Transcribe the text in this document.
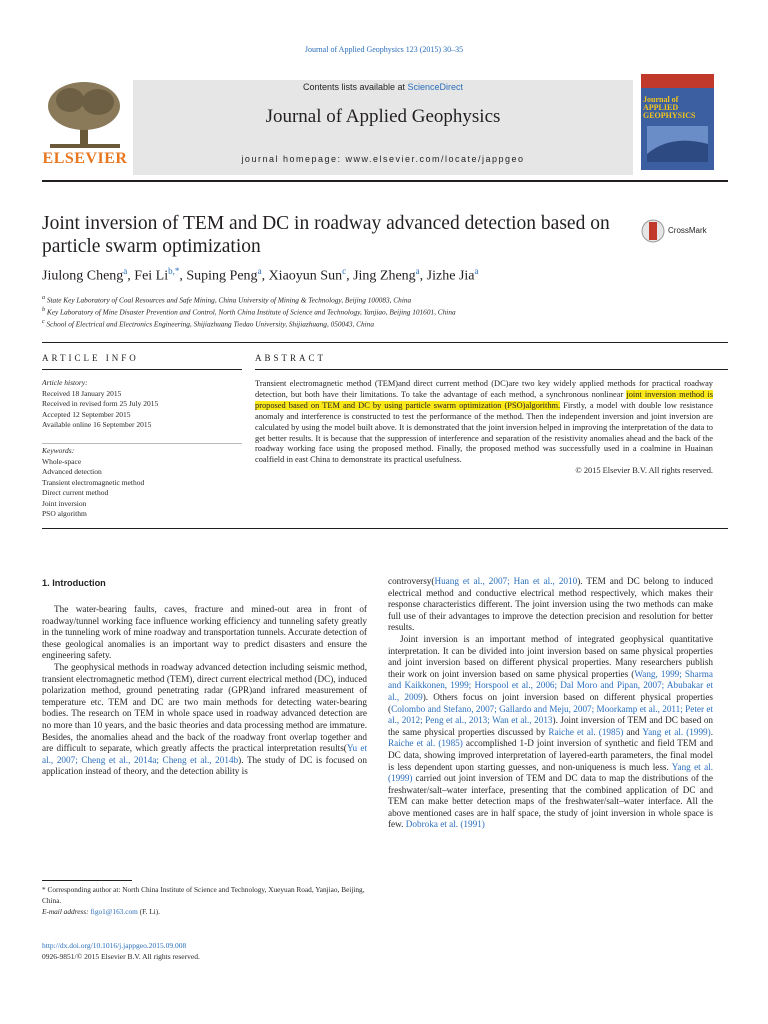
Journal of Applied Geophysics 123 (2015) 30–35
ELSEVIER
Contents lists available at ScienceDirect
Journal of Applied Geophysics
journal homepage: www.elsevier.com/locate/jappgeo
Journal of APPLIED GEOPHYSICS
Joint inversion of TEM and DC in roadway advanced detection based on
particle swarm optimization
CrossMark
Jiulong Cheng$^a$, Fei $Li^{b,*}$, Suping Peng$^a$, Xiaoyun Sun$^c$, Jing Zheng$^a$, Jizhe Jia$^a$
$^a$ State Key Laboratory of Coal Resources and Safe Mining, China University of Mining & Technology, Beijing 100083, China
$^b$ Key Laboratory of Mine Disaster Prevention and Control, North China Institute of Science and Technology, Yanjiao, Beijing 101601, China
$^c$ School of Electrical and Electronics Engineering, Shijiazhuang Tiedao University, Shijiazhuang, 050043, China
ARTICLE INFO
Article history:
Received 18 January 2015
Received in revised form 25 July 2015
Accepted 12 September 2015
Available online 16 September 2015
Keywords:
Whole-space
Advanced detection
Transient electromagnetic method
Direct current method
Joint inversion
PSO algorithm
ABSTRACT
Transient electromagnetic method (TEM)and direct current method (DC)are two key widely applied methods for practical roadway detection, but both have their limitations. To take the advantage of each method, a synchronous nonlinear joint inversion method is proposed based on TEM and DC by using particle swarm optimization (PSO)algorithm. Firstly, a model with double low resistance anomaly and interference is constructed to test the performance of the method. Then the independent inversion and joint inversion are calculated by using the model built above. It is demonstrated that the joint inversion helped in improving the interpretation of the data to get better results. It is because that the suppression of interference and separation of the resistivity anomalies ahead and the back of the roadway working face using the proposed method. Finally, the proposed method was successfully used in a coalmine in Huainan coalfield in east China to demonstrate its practical usefulness.
© 2015 Elsevier B.V. All rights reserved.
1. Introduction

The water-bearing faults, caves, fracture and mined-out area in front of roadway/tunnel working face influence working efficiency and tunneling safety greatly in the tunneling work of mine roadway and transportation tunnels. Accurate detection of these geological anomalies is an important way to predict disasters and ensure the engineering safety.

The geophysical methods in roadway advanced detection including seismic method, transient electromagnetic method (TEM), direct current electrical method (DC), induced polarization method, ground penetrating radar (GPR)and infrared measurement of temperature etc. TEM and DC are two main methods for detecting water-bearing bodies. The research on TEM in whole space used in roadway advanced detection are no more than 10 years, and the basic theories and data processing method are immature. Besides, the anomalies ahead and the back of the roadway front overlap together and are difficult to separate, which greatly affects the practical interpretation results(Yu et al., 2007; Cheng et al., 2014a; Cheng et al., 2014b). The study of DC is focused on application instead of theory, and the detection ability is

* Corresponding author at: North China Institute of Science and Technology, Xueyuan Road, Yanjiao, Beijing, China.
E-mail address: figo1@163.com (F. Li).
http://dx.doi.org/10.1016/j.jappgeo.2015.09.008
0926-9851/© 2015 Elsevier B.V. All rights reserved.

controversy(Huang et al., 2007; Han et al., 2010). TEM and DC belong to induced electrical method and conductive electrical method respectively, which makes their response characteristics different. The joint inversion using the two methods can make full use of their advantages to improve the detection precision and resolution for better results.

Joint inversion is an important method of integrated geophysical quantitative interpretation. It can be divided into joint inversion based on same physical properties and joint inversion based on different physical properties. Many researchers publish their work on joint inversion based on same physical properties (Wang, 1999; Sharma and Kaikkonen, 1999; Horspool et al., 2006; Dal Moro and Pipan, 2007; Abubakar et al., 2009). Others focus on joint inversion based on different physical properties (Colombo and Stefano, 2007; Gallardo and Meju, 2007; Moorkamp et al., 2011; Peter et al., 2012; Peng et al., 2013; Wan et al., 2013). Joint inversion of TEM and DC based on the same physical properties discussed by Raiche et al. (1985) and Yang et al. (1999). Raiche et al. (1985) accomplished 1-D joint inversion of synthetic and field TEM and DC data, showing improved interpretation of layered-earth parameters, the final model is less dependent upon starting guesses, and non-uniqueness is much less. Yang et al. (1999) carried out joint inversion of TEM and DC data to map the distributions of the freshwater/salt–water interface, presenting that the combined application of DC and TEM can make better detection maps of the freshwater/salt–water interface. All the above mentioned cases are in half space, the study of joint inversion in whole space is few. Dobroka et al. (1991)
